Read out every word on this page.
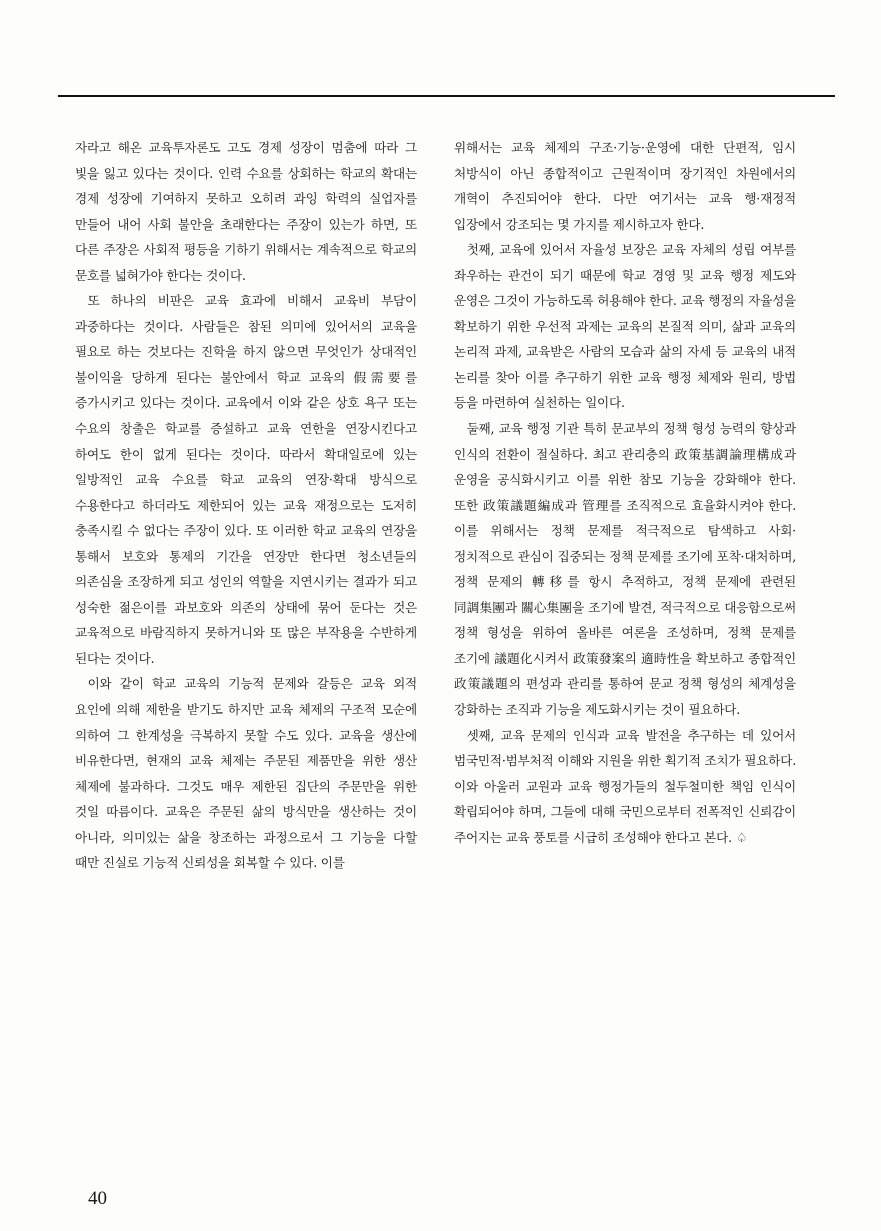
자라고 해온 교육투자론도 고도 경제 성장이 멈춤에 따라 그 빛을 잃고 있다는 것이다. 인력 수요를 상회하는 학교의 확대는 경제 성장에 기여하지 못하고 오히려 과잉 학력의 실업자를 만들어 내어 사회 불안을 초래한다는 주장이 있는가 하면, 또 다른 주장은 사회적 평등을 기하기 위해서는 계속적으로 학교의 문호를 넓혀가야 한다는 것이다.

또 하나의 비판은 교육 효과에 비해서 교육비 부담이 과중하다는 것이다. 사람들은 참된 의미에 있어서의 교육을 필요로 하는 것보다는 진학을 하지 않으면 무엇인가 상대적인 불이익을 당하게 된다는 불안에서 학교 교육의 假需要를 증가시키고 있다는 것이다. 교육에서 이와 같은 상호 욕구 또는 수요의 창출은 학교를 증설하고 교육 연한을 연장시킨다고 하여도 한이 없게 된다는 것이다. 따라서 확대일로에 있는 일방적인 교육 수요를 학교 교육의 연장·확대 방식으로 수용한다고 하더라도 제한되어 있는 교육 재정으로는 도저히 충족시킬 수 없다는 주장이 있다. 또 이러한 학교 교육의 연장을 통해서 보호와 통제의 기간을 연장만 한다면 청소년들의 의존심을 조장하게 되고 성인의 역할을 지연시키는 결과가 되고 성숙한 젊은이를 과보호와 의존의 상태에 묶어 둔다는 것은 교육적으로 바람직하지 못하거니와 또 많은 부작용을 수반하게 된다는 것이다.

이와 같이 학교 교육의 기능적 문제와 갈등은 교육 외적 요인에 의해 제한을 받기도 하지만 교육 체제의 구조적 모순에 의하여 그 한계성을 극복하지 못할 수도 있다. 교육을 생산에 비유한다면, 현재의 교육 체제는 주문된 제품만을 위한 생산 체제에 불과하다. 그것도 매우 제한된 집단의 주문만을 위한 것일 따름이다. 교육은 주문된 삶의 방식만을 생산하는 것이 아니라, 의미있는 삶을 창조하는 과정으로서 그 기능을 다할 때만 진실로 기능적 신뢰성을 회복할 수 있다. 이를

위해서는 교육 체제의 구조·기능·운영에 대한 단편적, 임시 처방식이 아닌 종합적이고 근원적이며 장기적인 차원에서의 개혁이 추진되어야 한다. 다만 여기서는 교육 행·재정적 입장에서 강조되는 몇 가지를 제시하고자 한다.

첫째, 교육에 있어서 자율성 보장은 교육 자체의 성립 여부를 좌우하는 관건이 되기 때문에 학교 경영 및 교육 행정 제도와 운영은 그것이 가능하도록 허용해야 한다. 교육 행정의 자율성을 확보하기 위한 우선적 과제는 교육의 본질적 의미, 삶과 교육의 논리적 과제, 교육받은 사람의 모습과 삶의 자세 등 교육의 내적 논리를 찾아 이를 추구하기 위한 교육 행정 체제와 원리, 방법 등을 마련하여 실천하는 일이다.

둘째, 교육 행정 기관 특히 문교부의 정책 형성 능력의 향상과 인식의 전환이 절실하다. 최고 관리층의 政策基調論理構成과 운영을 공식화시키고 이를 위한 참모 기능을 강화해야 한다. 또한 政策議題編成과 管理를 조직적으로 효율화시켜야 한다. 이를 위해서는 정책 문제를 적극적으로 탐색하고 사회·정치적으로 관심이 집중되는 정책 문제를 조기에 포착·대처하며, 정책 문제의 轉移를 항시 추적하고, 정책 문제에 관련된 同調集團과 關心集團을 조기에 발견, 적극적으로 대응함으로써 정책 형성을 위하여 올바른 여론을 조성하며, 정책 문제를 조기에 議題化시켜서 政策發案의 適時性을 확보하고 종합적인 政策議題의 편성과 관리를 통하여 문교 정책 형성의 체계성을 강화하는 조직과 기능을 제도화시키는 것이 필요하다.

셋째, 교육 문제의 인식과 교육 발전을 추구하는 데 있어서 범국민적·범부처적 이해와 지원을 위한 획기적 조치가 필요하다. 이와 아울러 교원과 교육 행정가들의 철두철미한 책임 인식이 확립되어야 하며, 그들에 대해 국민으로부터 전폭적인 신뢰감이 주어지는 교육 풍토를 시급히 조성해야 한다고 본다. ♤

40
